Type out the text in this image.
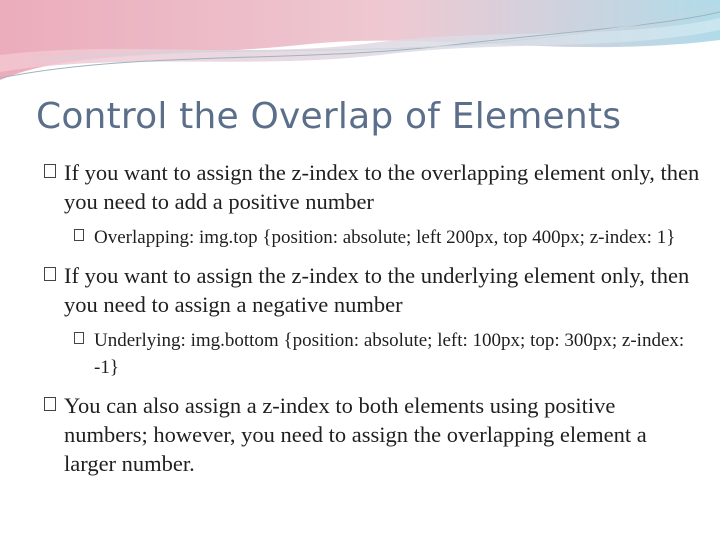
Control the Overlap of Elements
If you want to assign the z-index to the overlapping element only, then you need to add a positive number
Overlapping: img.top {position: absolute; left 200px, top 400px; z-index: 1}
If you want to assign the z-index to the underlying element only, then you need to assign a negative number
Underlying: img.bottom {position: absolute; left: 100px; top: 300px; z-index: -1}
You can also assign a z-index to both elements using positive numbers; however, you need to assign the overlapping element a larger number.
